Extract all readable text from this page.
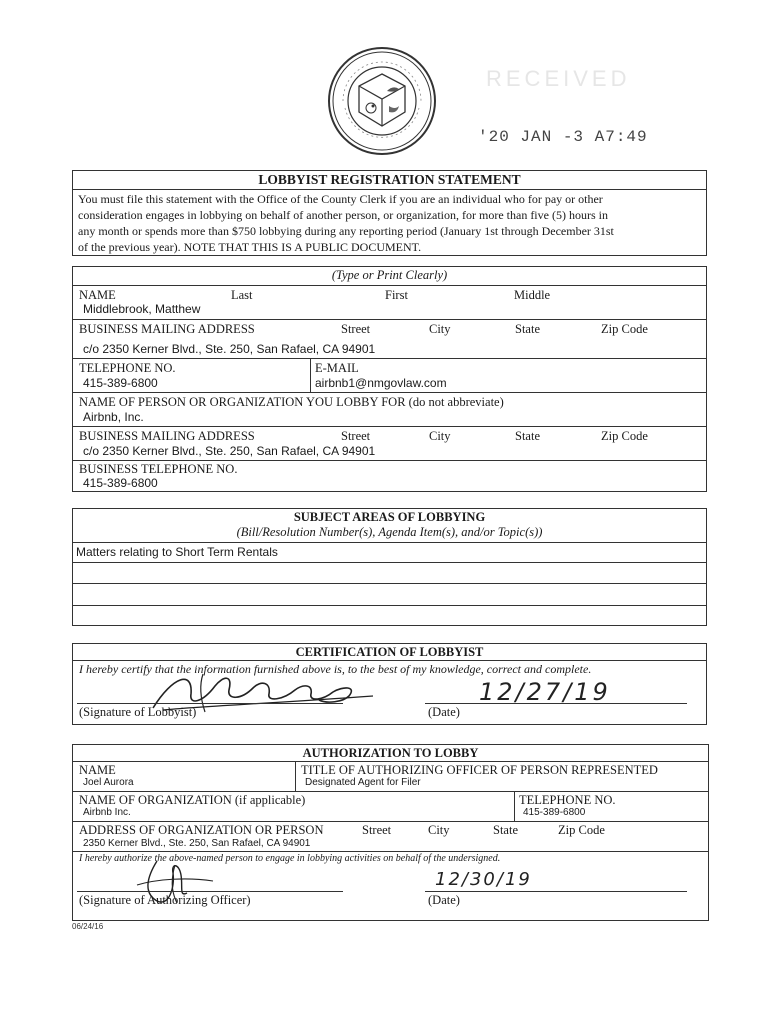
RECEIVED
'20 JAN -3 A7:49
LOBBYIST REGISTRATION STATEMENT
You must file this statement with the Office of the County Clerk if you are an individual who for pay or other
consideration engages in lobbying on behalf of another person, or organization, for more than five (5) hours in
any month or spends more than $750 lobbying during any reporting period (January 1st through December 31st
of the previous year). NOTE THAT THIS IS A PUBLIC DOCUMENT.
(Type or Print Clearly)
NAME	Last	First	Middle
Middlebrook, Matthew
BUSINESS MAILING ADDRESS	Street	City	State	Zip Code
c/o 2350 Kerner Blvd., Ste. 250, San Rafael, CA 94901
TELEPHONE NO.	E-MAIL
415-389-6800	airbnb1@nmgovlaw.com
NAME OF PERSON OR ORGANIZATION YOU LOBBY FOR (do not abbreviate)
Airbnb, Inc.
BUSINESS MAILING ADDRESS	Street	City	State	Zip Code
c/o 2350 Kerner Blvd., Ste. 250, San Rafael, CA 94901
BUSINESS TELEPHONE NO.
415-389-6800
SUBJECT AREAS OF LOBBYING
(Bill/Resolution Number(s), Agenda Item(s), and/or Topic(s))
Matters relating to Short Term Rentals
CERTIFICATION OF LOBBYIST
I hereby certify that the information furnished above is, to the best of my knowledge, correct and complete.
(Signature of Lobbyist)
12/27/19
(Date)
AUTHORIZATION TO LOBBY
NAME	TITLE OF AUTHORIZING OFFICER OF PERSON REPRESENTED
Joel Aurora	Designated Agent for Filer
NAME OF ORGANIZATION (if applicable)	TELEPHONE NO.
Airbnb Inc.	415-389-6800
ADDRESS OF ORGANIZATION OR PERSON	Street	City	State	Zip Code
2350 Kerner Blvd., Ste. 250, San Rafael, CA 94901
I hereby authorize the above-named person to engage in lobbying activities on behalf of the undersigned.
(Signature of Authorizing Officer)
12/30/19
(Date)
06/24/16
